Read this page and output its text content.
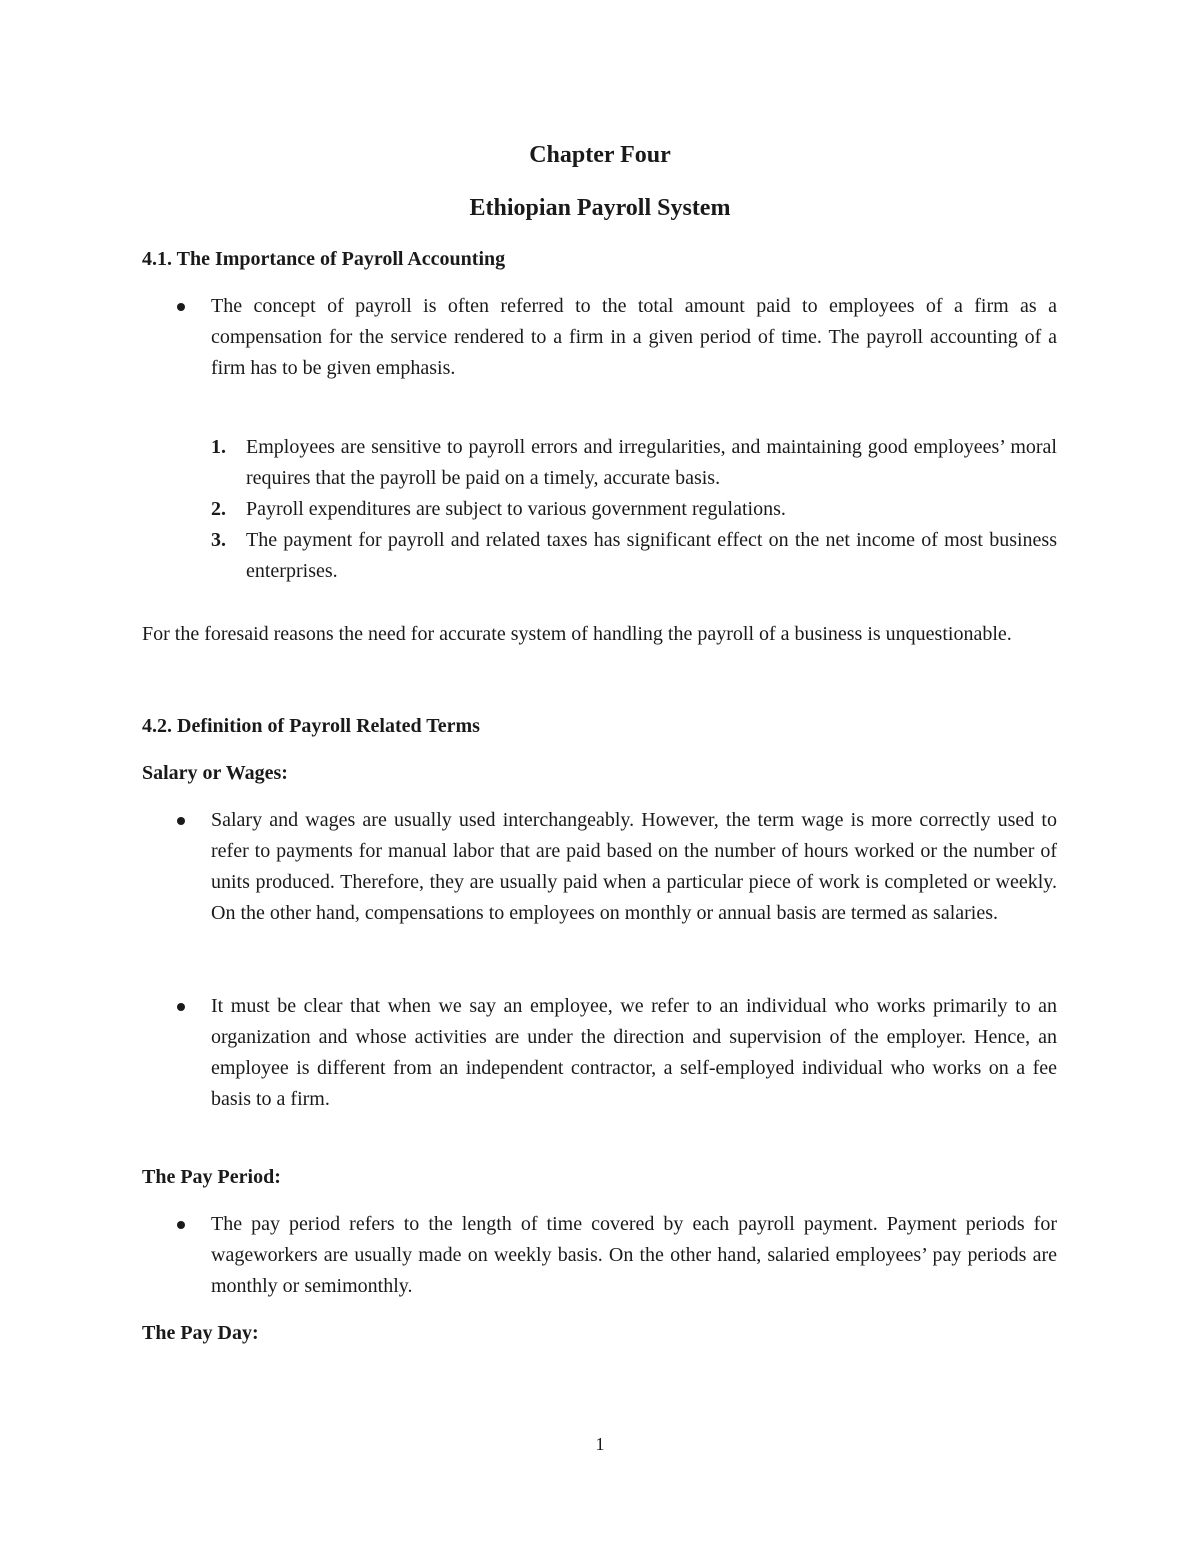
Chapter Four

Ethiopian Payroll System

4.1. The Importance of Payroll Accounting

The concept of payroll is often referred to the total amount paid to employees of a firm as a compensation for the service rendered to a firm in a given period of time. The payroll accounting of a firm has to be given emphasis.

1. Employees are sensitive to payroll errors and irregularities, and maintaining good employees’ moral requires that the payroll be paid on a timely, accurate basis.

2. Payroll expenditures are subject to various government regulations.

3. The payment for payroll and related taxes has significant effect on the net income of most business enterprises.

For the foresaid reasons the need for accurate system of handling the payroll of a business is unquestionable.

4.2. Definition of Payroll Related Terms

Salary or Wages:

Salary and wages are usually used interchangeably. However, the term wage is more correctly used to refer to payments for manual labor that are paid based on the number of hours worked or the number of units produced. Therefore, they are usually paid when a particular piece of work is completed or weekly. On the other hand, compensations to employees on monthly or annual basis are termed as salaries.

It must be clear that when we say an employee, we refer to an individual who works primarily to an organization and whose activities are under the direction and supervision of the employer. Hence, an employee is different from an independent contractor, a self-employed individual who works on a fee basis to a firm.

The Pay Period:

The pay period refers to the length of time covered by each payroll payment. Payment periods for wageworkers are usually made on weekly basis. On the other hand, salaried employees’ pay periods are monthly or semimonthly.

The Pay Day:

1
